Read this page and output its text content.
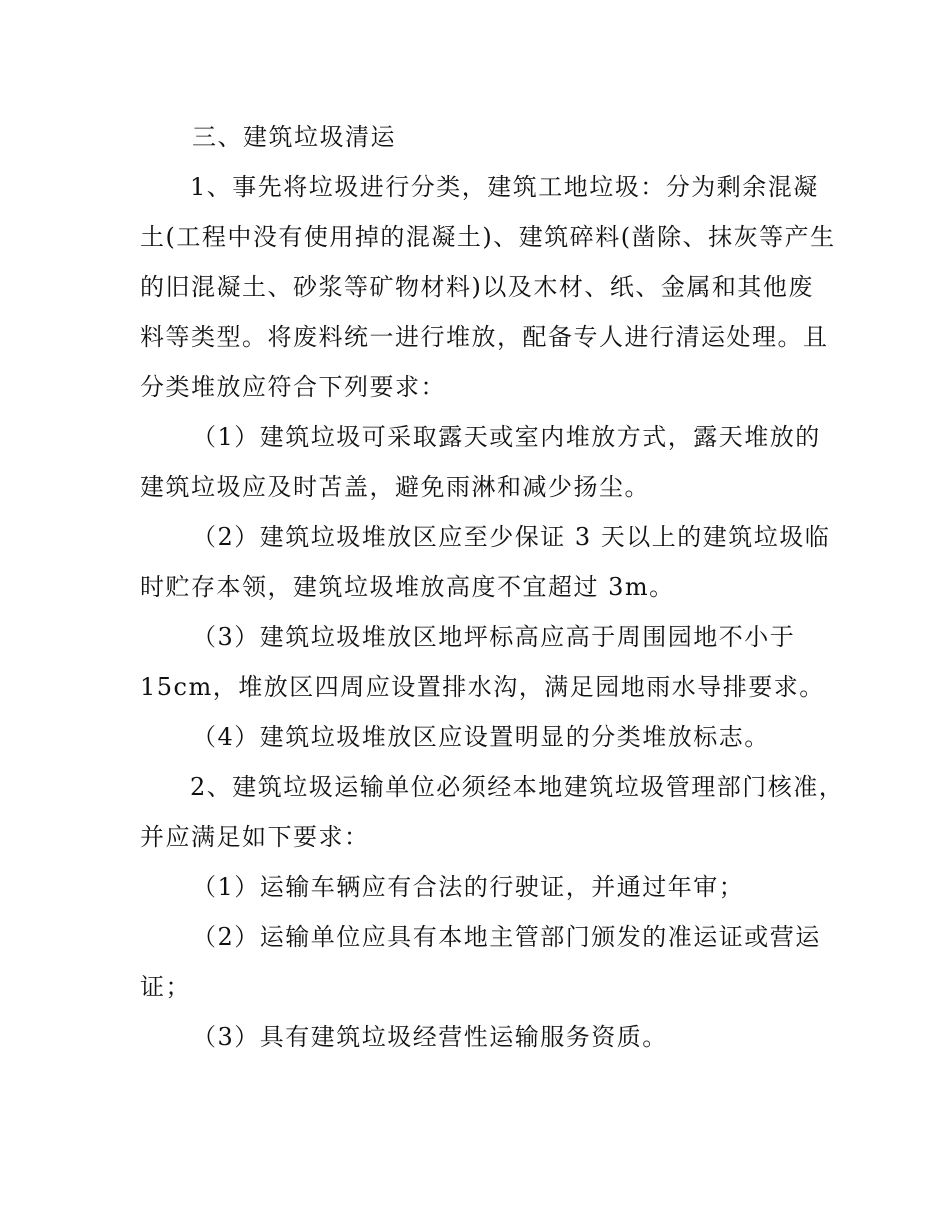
三、建筑垃圾清运
1、事先将垃圾进行分类，建筑工地垃圾：分为剩余混凝
土(工程中没有使用掉的混凝土)、建筑碎料(凿除、抹灰等产生
的旧混凝土、砂浆等矿物材料)以及木材、纸、金属和其他废
料等类型。将废料统一进行堆放，配备专人进行清运处理。且
分类堆放应符合下列要求：
（1）建筑垃圾可采取露天或室内堆放方式，露天堆放的
建筑垃圾应及时苫盖，避免雨淋和减少扬尘。
（2）建筑垃圾堆放区应至少保证 3 天以上的建筑垃圾临
时贮存本领，建筑垃圾堆放高度不宜超过 3m。
（3）建筑垃圾堆放区地坪标高应高于周围园地不小于
15cm，堆放区四周应设置排水沟，满足园地雨水导排要求。
（4）建筑垃圾堆放区应设置明显的分类堆放标志。
2、建筑垃圾运输单位必须经本地建筑垃圾管理部门核准，
并应满足如下要求：
（1）运输车辆应有合法的行驶证，并通过年审；
（2）运输单位应具有本地主管部门颁发的准运证或营运
证；
（3）具有建筑垃圾经营性运输服务资质。
